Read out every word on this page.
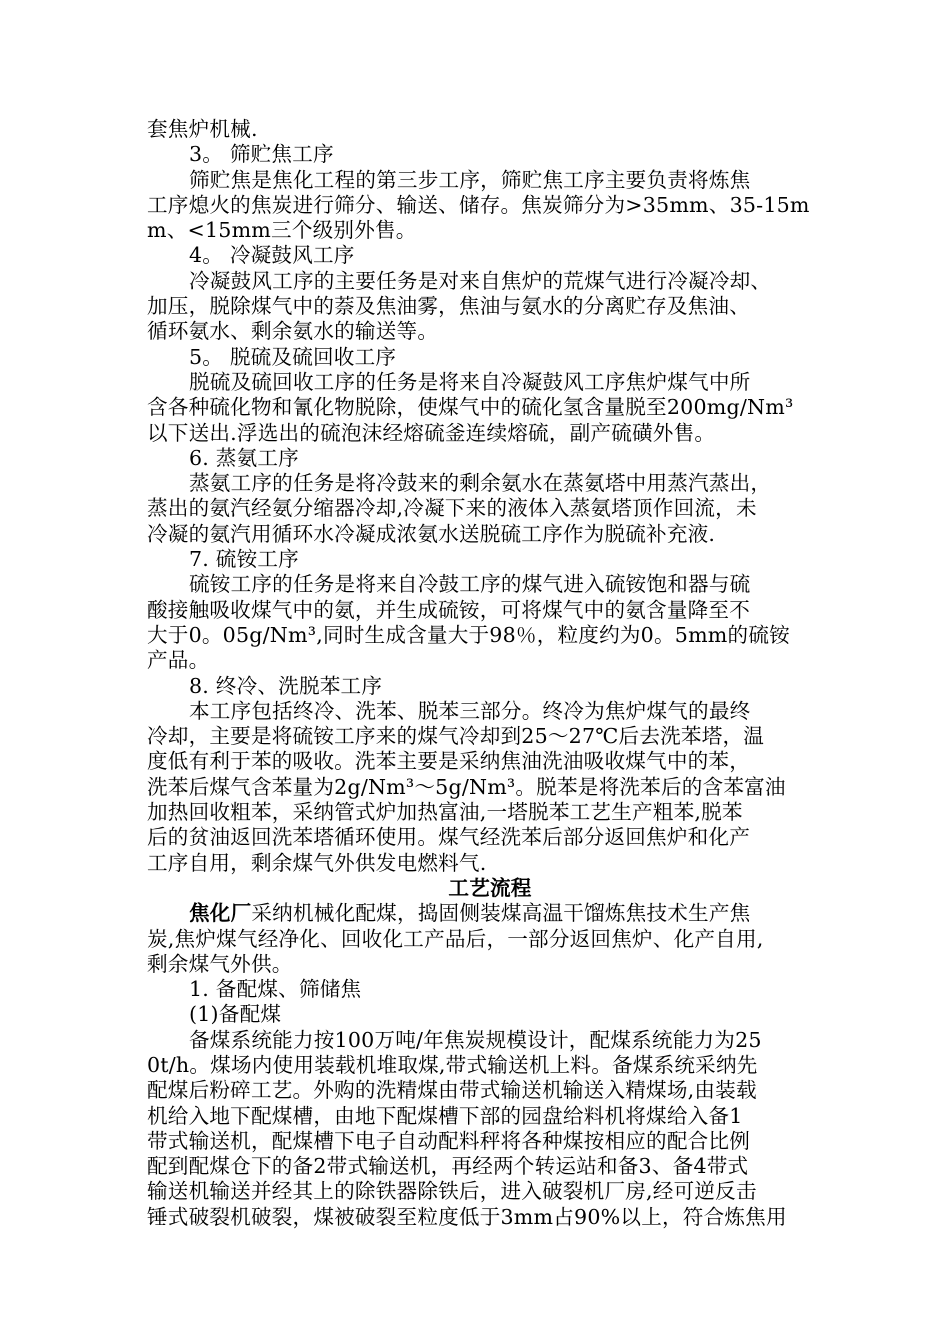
套焦炉机械.
3。 筛贮焦工序
筛贮焦是焦化工程的第三步工序，筛贮焦工序主要负责将炼焦
工序熄火的焦炭进行筛分、输送、储存。焦炭筛分为>35mm、35-15m
m、<15mm三个级别外售。
4。 冷凝鼓风工序
冷凝鼓风工序的主要任务是对来自焦炉的荒煤气进行冷凝冷却、
加压，脱除煤气中的萘及焦油雾，焦油与氨水的分离贮存及焦油、
循环氨水、剩余氨水的输送等。
5。 脱硫及硫回收工序
脱硫及硫回收工序的任务是将来自冷凝鼓风工序焦炉煤气中所
含各种硫化物和氰化物脱除，使煤气中的硫化氢含量脱至200mg/Nm³
以下送出.浮选出的硫泡沫经熔硫釜连续熔硫，副产硫磺外售。
6. 蒸氨工序
蒸氨工序的任务是将冷鼓来的剩余氨水在蒸氨塔中用蒸汽蒸出，
蒸出的氨汽经氨分缩器冷却,冷凝下来的液体入蒸氨塔顶作回流，未
冷凝的氨汽用循环水冷凝成浓氨水送脱硫工序作为脱硫补充液.
7. 硫铵工序
硫铵工序的任务是将来自冷鼓工序的煤气进入硫铵饱和器与硫
酸接触吸收煤气中的氨，并生成硫铵，可将煤气中的氨含量降至不
大于0。05g/Nm³,同时生成含量大于98％，粒度约为0。5mm的硫铵
产品。
8. 终冷、洗脱苯工序
本工序包括终冷、洗苯、脱苯三部分。终冷为焦炉煤气的最终
冷却，主要是将硫铵工序来的煤气冷却到25～27℃后去洗苯塔，温
度低有利于苯的吸收。洗苯主要是采纳焦油洗油吸收煤气中的苯，
洗苯后煤气含苯量为2g/Nm³～5g/Nm³。脱苯是将洗苯后的含苯富油
加热回收粗苯，采纳管式炉加热富油,一塔脱苯工艺生产粗苯,脱苯
后的贫油返回洗苯塔循环使用。煤气经洗苯后部分返回焦炉和化产
工序自用，剩余煤气外供发电燃料气.
工艺流程
焦化厂采纳机械化配煤，捣固侧装煤高温干馏炼焦技术生产焦
炭,焦炉煤气经净化、回收化工产品后，一部分返回焦炉、化产自用,
剩余煤气外供。
1. 备配煤、筛储焦
(1)备配煤
备煤系统能力按100万吨/年焦炭规模设计，配煤系统能力为25
0t/h。煤场内使用装载机堆取煤,带式输送机上料。备煤系统采纳先
配煤后粉碎工艺。外购的洗精煤由带式输送机输送入精煤场,由装载
机给入地下配煤槽，由地下配煤槽下部的园盘给料机将煤给入备1
带式输送机，配煤槽下电子自动配料秤将各种煤按相应的配合比例
配到配煤仓下的备2带式输送机，再经两个转运站和备3、备4带式
输送机输送并经其上的除铁器除铁后，进入破裂机厂房,经可逆反击
锤式破裂机破裂，煤被破裂至粒度低于3mm占90%以上，符合炼焦用
